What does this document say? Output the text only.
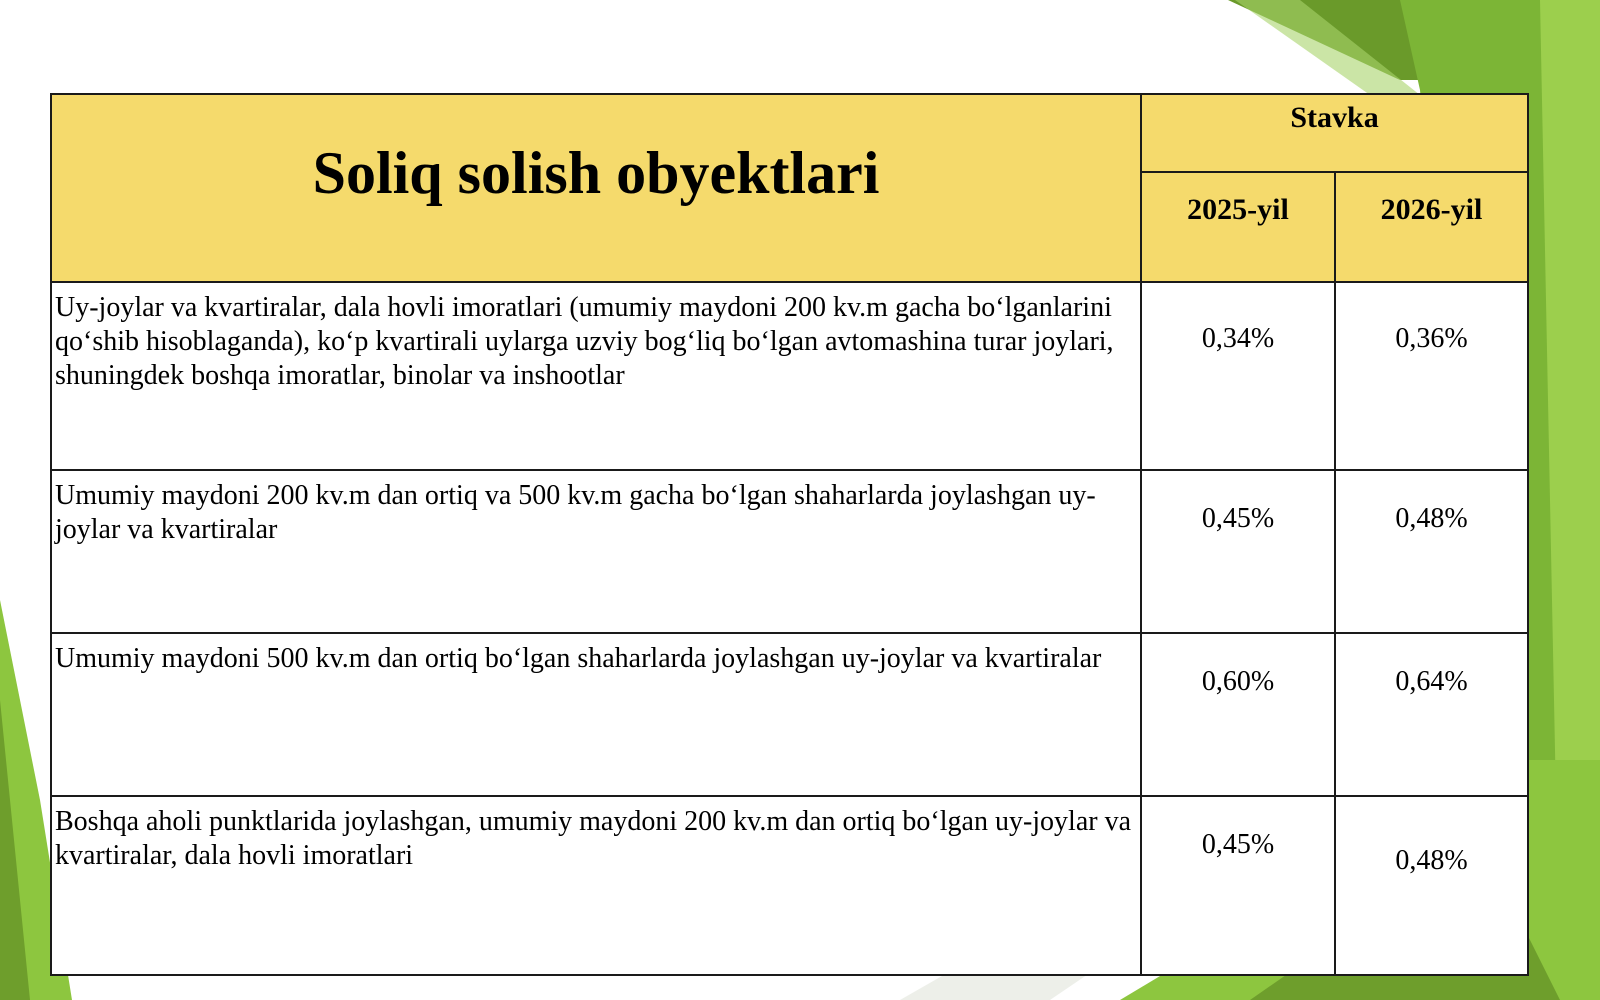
Soliq solish obyektlari	Stavka	
	2025-yil	2026-yil
Uy-joylar va kvartiralar, dala hovli imoratlari (umumiy maydoni 200 kv.m gacha bo‘lganlarini qo‘shib hisoblaganda), ko‘p kvartirali uylarga uzviy bog‘liq bo‘lgan avtomashina turar joylari, shuningdek boshqa imoratlar, binolar va inshootlar	0,34%	0,36%
Umumiy maydoni 200 kv.m dan ortiq va 500 kv.m gacha bo‘lgan shaharlarda joylashgan uy-joylar va kvartiralar	0,45%	0,48%
Umumiy maydoni 500 kv.m dan ortiq bo‘lgan shaharlarda joylashgan uy-joylar va kvartiralar	0,60%	0,64%
Boshqa aholi punktlarida joylashgan, umumiy maydoni 200 kv.m dan ortiq bo‘lgan uy-joylar va kvartiralar, dala hovli imoratlari	0,45%	0,48%
